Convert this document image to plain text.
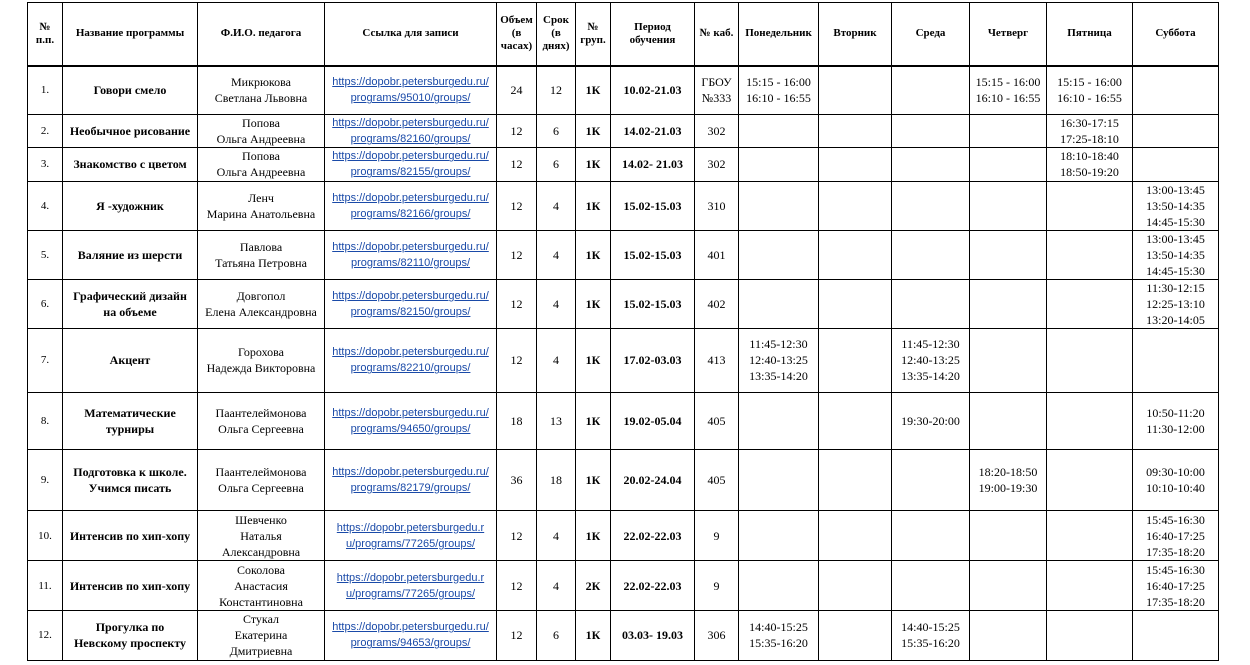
№ п.п.	Название программы	Ф.И.О. педагога	Ссылка для записи	Объем (в часах)	Срок (в днях)	№ груп.	Период обучения	№ каб.	Понедельник	Вторник	Среда	Четверг	Пятница	Суббота

1.	Говори смело	Микрюкова
Светлана Львовна	https://dopobr.petersburgedu.ru/
programs/95010/groups/	24	12	1К	10.02-21.03	ГБОУ
№333	15:15 - 16:00
16:10 - 16:55			15:15 - 16:00
16:10 - 16:55	15:15 - 16:00
16:10 - 16:55	

2.	Необычное рисование	Попова
Ольга Андреевна	https://dopobr.petersburgedu.ru/
programs/82160/groups/	12	6	1К	14.02-21.03	302					16:30-17:15
17:25-18:10	

3.	Знакомство с цветом	Попова
Ольга Андреевна	https://dopobr.petersburgedu.ru/
programs/82155/groups/	12	6	1К	14.02- 21.03	302					18:10-18:40
18:50-19:20	

4.	Я -художник	Ленч
Марина Анатольевна	https://dopobr.petersburgedu.ru/
programs/82166/groups/	12	4	1К	15.02-15.03	310						13:00-13:45
13:50-14:35
14:45-15:30

5.	Валяние из шерсти	Павлова
Татьяна Петровна	https://dopobr.petersburgedu.ru/
programs/82110/groups/	12	4	1К	15.02-15.03	401						13:00-13:45
13:50-14:35
14:45-15:30

6.	Графический дизайн
на объеме	Довгопол
Елена Александровна	https://dopobr.petersburgedu.ru/
programs/82150/groups/	12	4	1К	15.02-15.03	402						11:30-12:15
12:25-13:10
13:20-14:05

7.	Акцент	Горохова
Надежда Викторовна	https://dopobr.petersburgedu.ru/
programs/82210/groups/	12	4	1К	17.02-03.03	413	11:45-12:30
12:40-13:25
13:35-14:20		11:45-12:30
12:40-13:25
13:35-14:20			

8.	Математические
турниры	Паантелеймонова
Ольга Сергеевна	https://dopobr.petersburgedu.ru/
programs/94650/groups/	18	13	1К	19.02-05.04	405			19:30-20:00			10:50-11:20
11:30-12:00

9.	Подготовка к школе.
Учимся писать	Паантелеймонова
Ольга Сергеевна	https://dopobr.petersburgedu.ru/
programs/82179/groups/	36	18	1К	20.02-24.04	405				18:20-18:50
19:00-19:30		09:30-10:00
10:10-10:40

10.	Интенсив по хип-хопу	Шевченко
Наталья
Александровна	https://dopobr.petersburgedu.r
u/programs/77265/groups/	12	4	1К	22.02-22.03	9						15:45-16:30
16:40-17:25
17:35-18:20

11.	Интенсив по хип-хопу	Соколова
Анастасия
Константиновна	https://dopobr.petersburgedu.r
u/programs/77265/groups/	12	4	2К	22.02-22.03	9						15:45-16:30
16:40-17:25
17:35-18:20

12.	Прогулка по
Невскому проспекту	Стукал
Екатерина
Дмитриевна	https://dopobr.petersburgedu.ru/
programs/94653/groups/	12	6	1К	03.03- 19.03	306	14:40-15:25
15:35-16:20		14:40-15:25
15:35-16:20			
